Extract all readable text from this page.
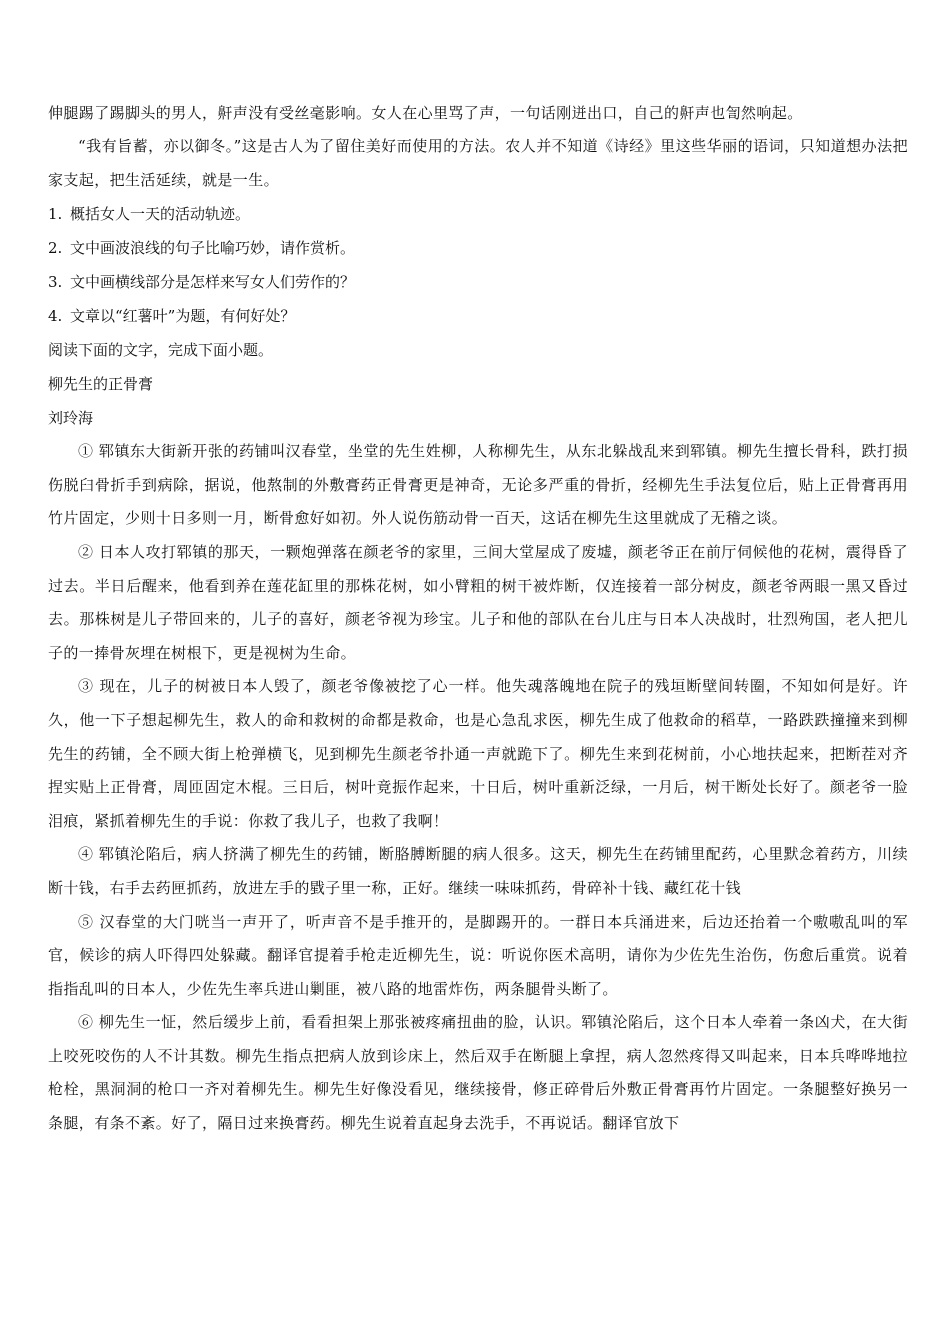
伸腿踢了踢脚头的男人，鼾声没有受丝毫影响。女人在心里骂了声，一句话刚迸出口，自己的鼾声也訇然响起。

“我有旨蓄，亦以御冬。”这是古人为了留住美好而使用的方法。农人并不知道《诗经》里这些华丽的语词，只知道想办法把家支起，把生活延续，就是一生。

1. 概括女人一天的活动轨迹。

2. 文中画波浪线的句子比喻巧妙，请作赏析。

3. 文中画横线部分是怎样来写女人们劳作的？

4. 文章以“红薯叶”为题，有何好处？

阅读下面的文字，完成下面小题。

柳先生的正骨膏

刘玲海

① 郓镇东大街新开张的药铺叫汉春堂，坐堂的先生姓柳，人称柳先生，从东北躲战乱来到郓镇。柳先生擅长骨科，跌打损伤脱臼骨折手到病除，据说，他熬制的外敷膏药正骨膏更是神奇，无论多严重的骨折，经柳先生手法复位后，贴上正骨膏再用竹片固定，少则十日多则一月，断骨愈好如初。外人说伤筋动骨一百天，这话在柳先生这里就成了无稽之谈。

② 日本人攻打郓镇的那天，一颗炮弹落在颜老爷的家里，三间大堂屋成了废墟，颜老爷正在前厅伺候他的花树，震得昏了过去。半日后醒来，他看到养在莲花缸里的那株花树，如小臂粗的树干被炸断，仅连接着一部分树皮，颜老爷两眼一黑又昏过去。那株树是儿子带回来的，儿子的喜好，颜老爷视为珍宝。儿子和他的部队在台儿庄与日本人决战时，壮烈殉国，老人把儿子的一捧骨灰埋在树根下，更是视树为生命。

③ 现在，儿子的树被日本人毁了，颜老爷像被挖了心一样。他失魂落魄地在院子的残垣断壁间转圈，不知如何是好。许久，他一下子想起柳先生，救人的命和救树的命都是救命，也是心急乱求医，柳先生成了他救命的稻草，一路跌跌撞撞来到柳先生的药铺，全不顾大街上枪弹横飞，见到柳先生颜老爷扑通一声就跪下了。柳先生来到花树前，小心地扶起来，把断茬对齐捏实贴上正骨膏，周匝固定木棍。三日后，树叶竟振作起来，十日后，树叶重新泛绿，一月后，树干断处长好了。颜老爷一脸泪痕，紧抓着柳先生的手说：你救了我儿子，也救了我啊！

④ 郓镇沦陷后，病人挤满了柳先生的药铺，断胳膊断腿的病人很多。这天，柳先生在药铺里配药，心里默念着药方，川续断十钱，右手去药匣抓药，放进左手的戥子里一称，正好。继续一味味抓药，骨碎补十钱、藏红花十钱

⑤ 汉春堂的大门咣当一声开了，听声音不是手推开的，是脚踢开的。一群日本兵涌进来，后边还抬着一个嗷嗷乱叫的军官，候诊的病人吓得四处躲藏。翻译官提着手枪走近柳先生，说：听说你医术高明，请你为少佐先生治伤，伤愈后重赏。说着指指乱叫的日本人，少佐先生率兵进山剿匪，被八路的地雷炸伤，两条腿骨头断了。

⑥ 柳先生一怔，然后缓步上前，看看担架上那张被疼痛扭曲的脸，认识。郓镇沦陷后，这个日本人牵着一条凶犬，在大街上咬死咬伤的人不计其数。柳先生指点把病人放到诊床上，然后双手在断腿上拿捏，病人忽然疼得又叫起来，日本兵哗哗地拉枪栓，黑洞洞的枪口一齐对着柳先生。柳先生好像没看见，继续接骨，修正碎骨后外敷正骨膏再竹片固定。一条腿整好换另一条腿，有条不紊。好了，隔日过来换膏药。柳先生说着直起身去洗手，不再说话。翻译官放下
